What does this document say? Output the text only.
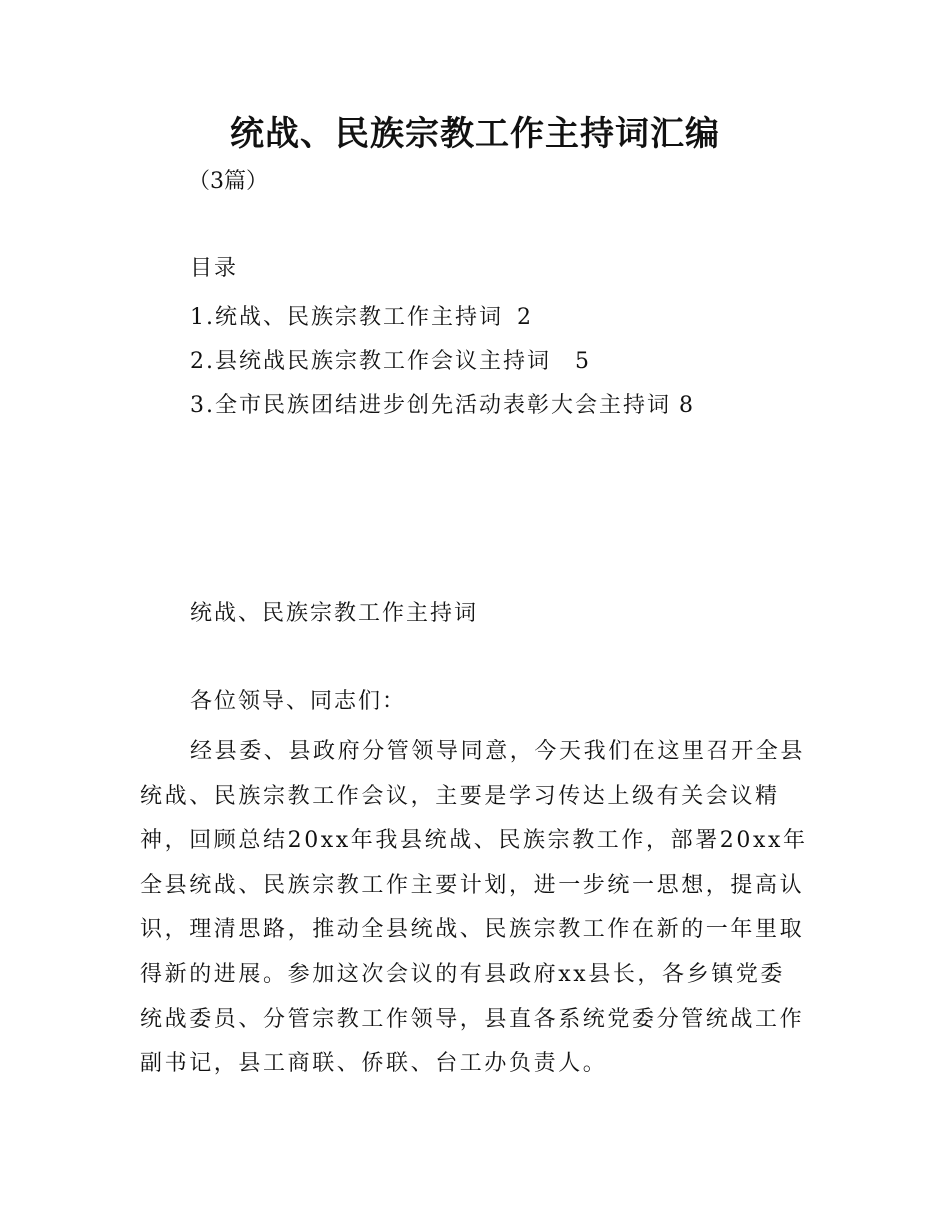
统战、民族宗教工作主持词汇编
（3篇）
目录
1.统战、民族宗教工作主持词 2
2.县统战民族宗教工作会议主持词 5
3.全市民族团结进步创先活动表彰大会主持词 8
统战、民族宗教工作主持词
各位领导、同志们：
经县委、县政府分管领导同意，今天我们在这里召开全县
统战、民族宗教工作会议，主要是学习传达上级有关会议精
神，回顾总结20xx年我县统战、民族宗教工作，部署20xx年
全县统战、民族宗教工作主要计划，进一步统一思想，提高认
识，理清思路，推动全县统战、民族宗教工作在新的一年里取
得新的进展。参加这次会议的有县政府xx县长，各乡镇党委
统战委员、分管宗教工作领导，县直各系统党委分管统战工作
副书记，县工商联、侨联、台工办负责人。
